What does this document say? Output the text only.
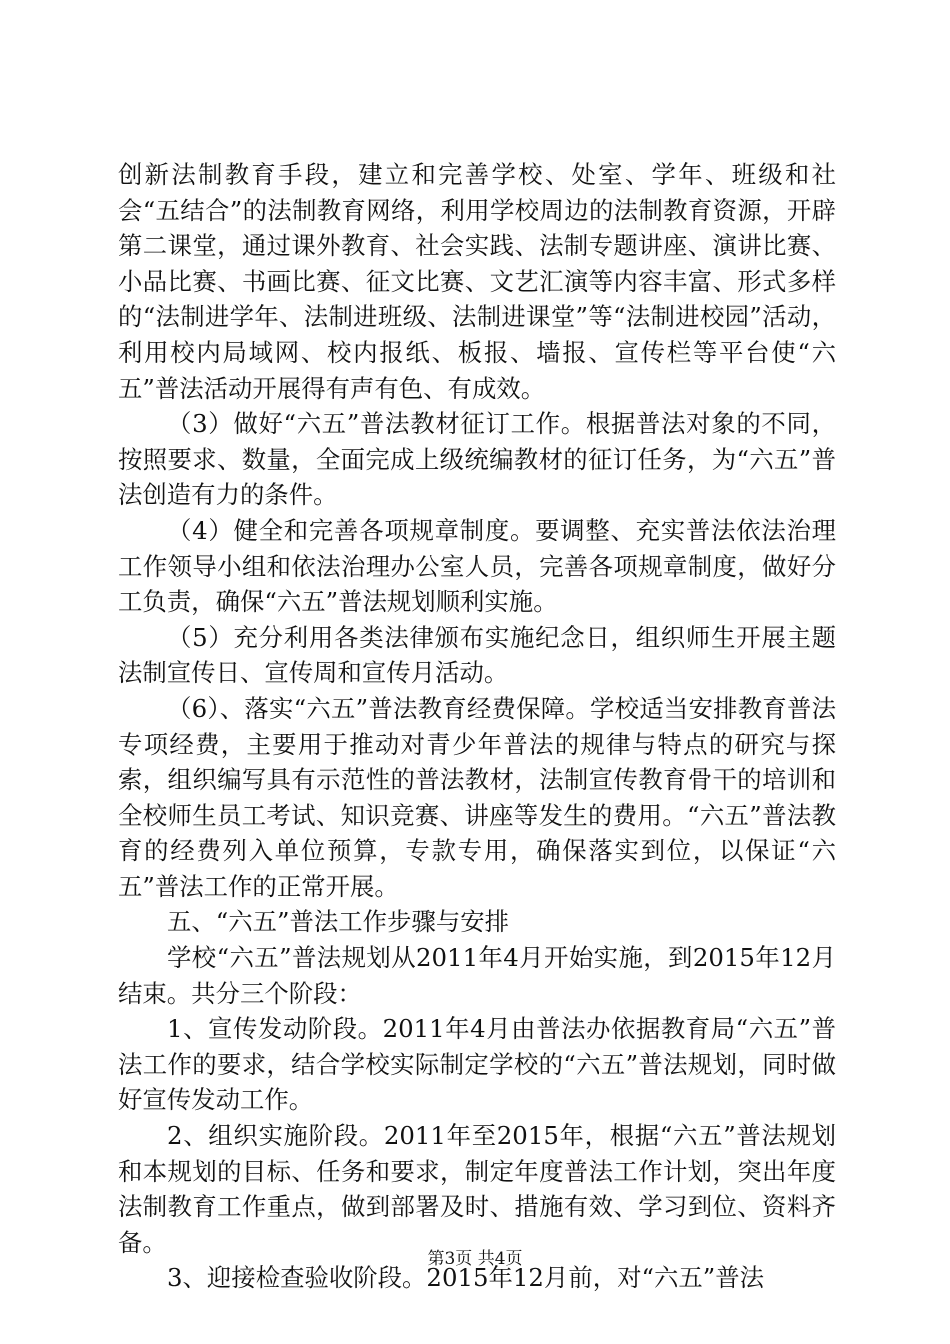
创新法制教育手段，建立和完善学校、处室、学年、班级和社会“五结合”的法制教育网络，利用学校周边的法制教育资源，开辟第二课堂，通过课外教育、社会实践、法制专题讲座、演讲比赛、小品比赛、书画比赛、征文比赛、文艺汇演等内容丰富、形式多样的“法制进学年、法制进班级、法制进课堂”等“法制进校园”活动，利用校内局域网、校内报纸、板报、墙报、宣传栏等平台使“六五”普法活动开展得有声有色、有成效。

（3）做好“六五”普法教材征订工作。根据普法对象的不同，按照要求、数量，全面完成上级统编教材的征订任务，为“六五”普法创造有力的条件。

（4）健全和完善各项规章制度。要调整、充实普法依法治理工作领导小组和依法治理办公室人员，完善各项规章制度，做好分工负责，确保“六五”普法规划顺利实施。

（5）充分利用各类法律颁布实施纪念日，组织师生开展主题法制宣传日、宣传周和宣传月活动。

（6）、落实“六五”普法教育经费保障。学校适当安排教育普法专项经费，主要用于推动对青少年普法的规律与特点的研究与探索，组织编写具有示范性的普法教材，法制宣传教育骨干的培训和全校师生员工考试、知识竞赛、讲座等发生的费用。“六五”普法教育的经费列入单位预算，专款专用，确保落实到位，以保证“六五”普法工作的正常开展。

五、“六五”普法工作步骤与安排

学校“六五”普法规划从2011年4月开始实施，到2015年12月结束。共分三个阶段：

1、宣传发动阶段。2011年4月由普法办依据教育局“六五”普法工作的要求，结合学校实际制定学校的“六五”普法规划，同时做好宣传发动工作。

2、组织实施阶段。2011年至2015年，根据“六五”普法规划和本规划的目标、任务和要求，制定年度普法工作计划，突出年度法制教育工作重点，做到部署及时、措施有效、学习到位、资料齐备。

3、迎接检查验收阶段。2015年12月前，对“六五”普法

第3页 共4页
